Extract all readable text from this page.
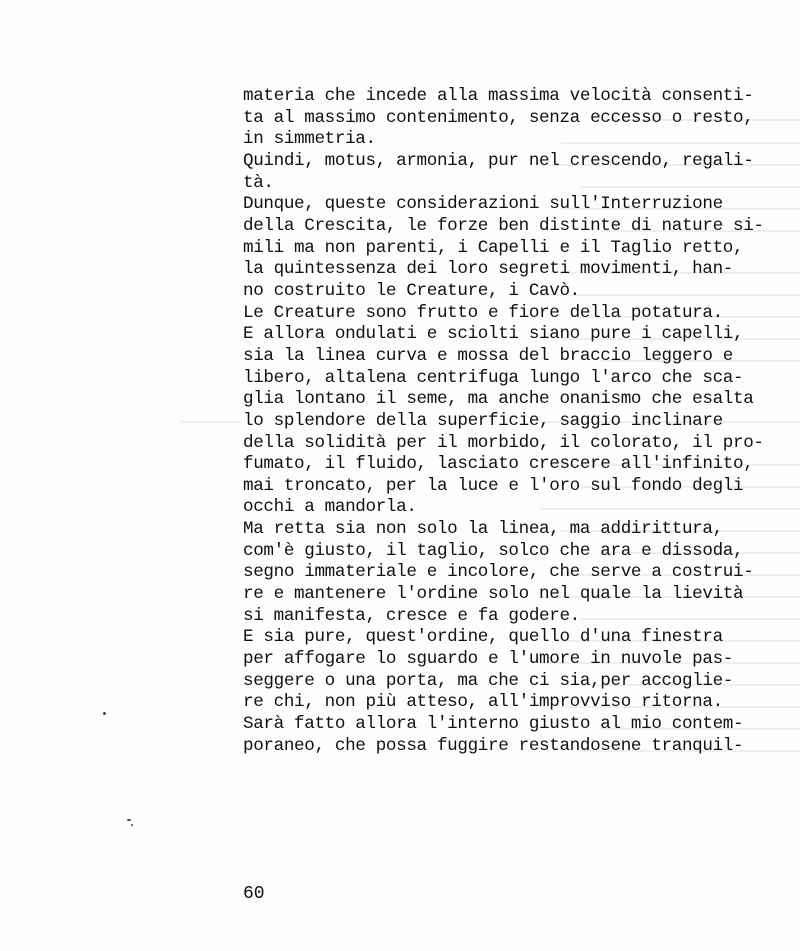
materia che incede alla massima velocità consenti-
ta al massimo contenimento, senza eccesso o resto,
in simmetria.
Quindi, motus, armonia, pur nel crescendo, regali-
tà.
Dunque, queste considerazioni sull'Interruzione
della Crescita, le forze ben distinte di nature si-
mili ma non parenti, i Capelli e il Taglio retto,
la quintessenza dei loro segreti movimenti, han-
no costruito le Creature, i Cavò.
Le Creature sono frutto e fiore della potatura.
E allora ondulati e sciolti siano pure i capelli,
sia la linea curva e mossa del braccio leggero e
libero, altalena centrifuga lungo l'arco che sca-
glia lontano il seme, ma anche onanismo che esalta
lo splendore della superficie, saggio inclinare
della solidità per il morbido, il colorato, il pro-
fumato, il fluido, lasciato crescere all'infinito,
mai troncato, per la luce e l'oro sul fondo degli
occhi a mandorla.
Ma retta sia non solo la linea, ma addirittura,
com'è giusto, il taglio, solco che ara e dissoda,
segno immateriale e incolore, che serve a costrui-
re e mantenere l'ordine solo nel quale la lievità
si manifesta, cresce e fa godere.
E sia pure, quest'ordine, quello d'una finestra
per affogare lo sguardo e l'umore in nuvole pas-
seggere o una porta, ma che ci sia,per accoglie-
re chi, non più atteso, all'improvviso ritorna.
Sarà fatto allora l'interno giusto al mio contem-
poraneo, che possa fuggire restandosene tranquil-
60
